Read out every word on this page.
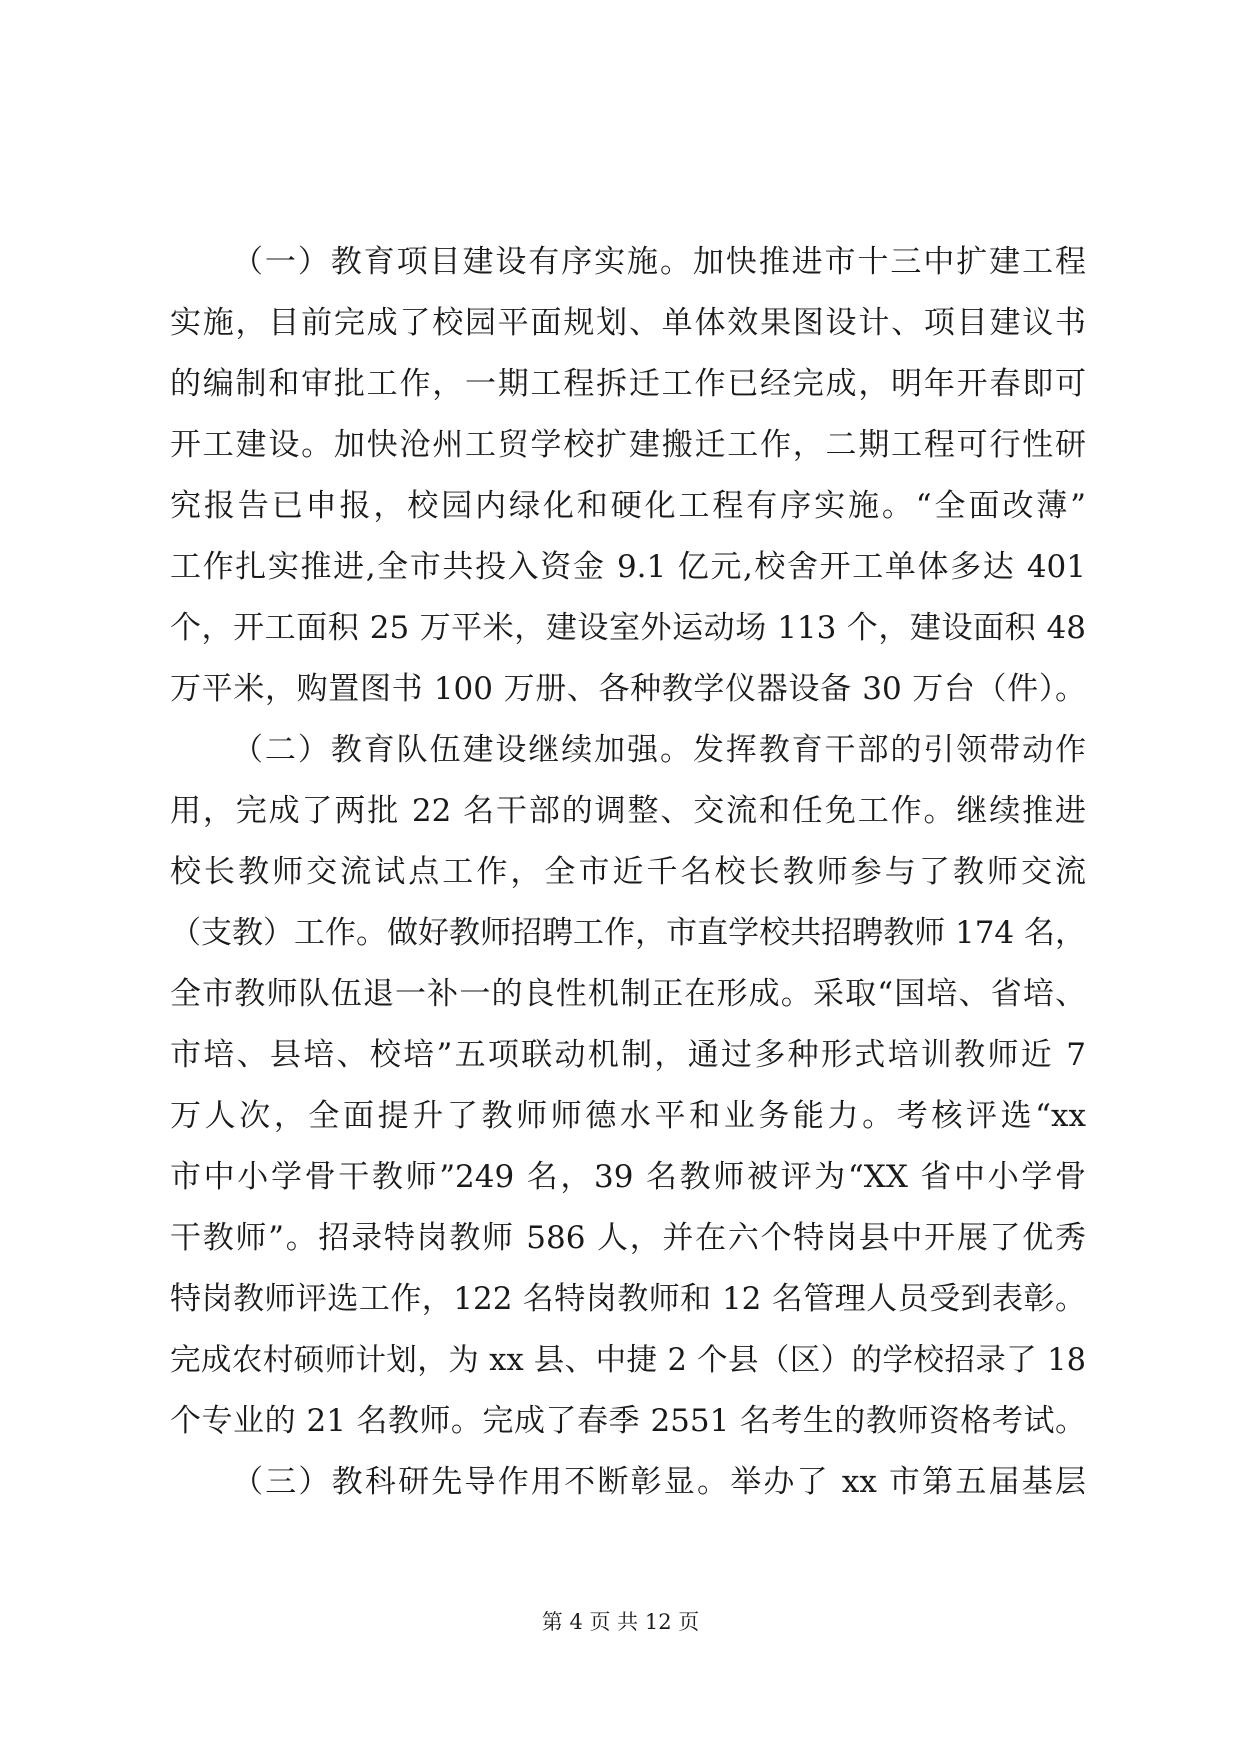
（一）教育项目建设有序实施。加快推进市十三中扩建工程
实施，目前完成了校园平面规划、单体效果图设计、项目建议书
的编制和审批工作，一期工程拆迁工作已经完成，明年开春即可
开工建设。加快沧州工贸学校扩建搬迁工作，二期工程可行性研
究报告已申报，校园内绿化和硬化工程有序实施。“全面改薄”
工作扎实推进,全市共投入资金 9.1 亿元,校舍开工单体多达 401
个，开工面积 25 万平米，建设室外运动场 113 个，建设面积 48
万平米，购置图书 100 万册、各种教学仪器设备 30 万台（件）。
（二）教育队伍建设继续加强。发挥教育干部的引领带动作
用，完成了两批 22 名干部的调整、交流和任免工作。继续推进
校长教师交流试点工作，全市近千名校长教师参与了教师交流
（支教）工作。做好教师招聘工作，市直学校共招聘教师 174 名，
全市教师队伍退一补一的良性机制正在形成。采取“国培、省培、
市培、县培、校培”五项联动机制，通过多种形式培训教师近 7
万人次，全面提升了教师师德水平和业务能力。考核评选“xx
市中小学骨干教师”249 名，39 名教师被评为“XX 省中小学骨
干教师”。招录特岗教师 586 人，并在六个特岗县中开展了优秀
特岗教师评选工作，122 名特岗教师和 12 名管理人员受到表彰。
完成农村硕师计划，为 xx 县、中捷 2 个县（区）的学校招录了 18
个专业的 21 名教师。完成了春季 2551 名考生的教师资格考试。
（三）教科研先导作用不断彰显。举办了 xx 市第五届基层
第 4 页 共 12 页
